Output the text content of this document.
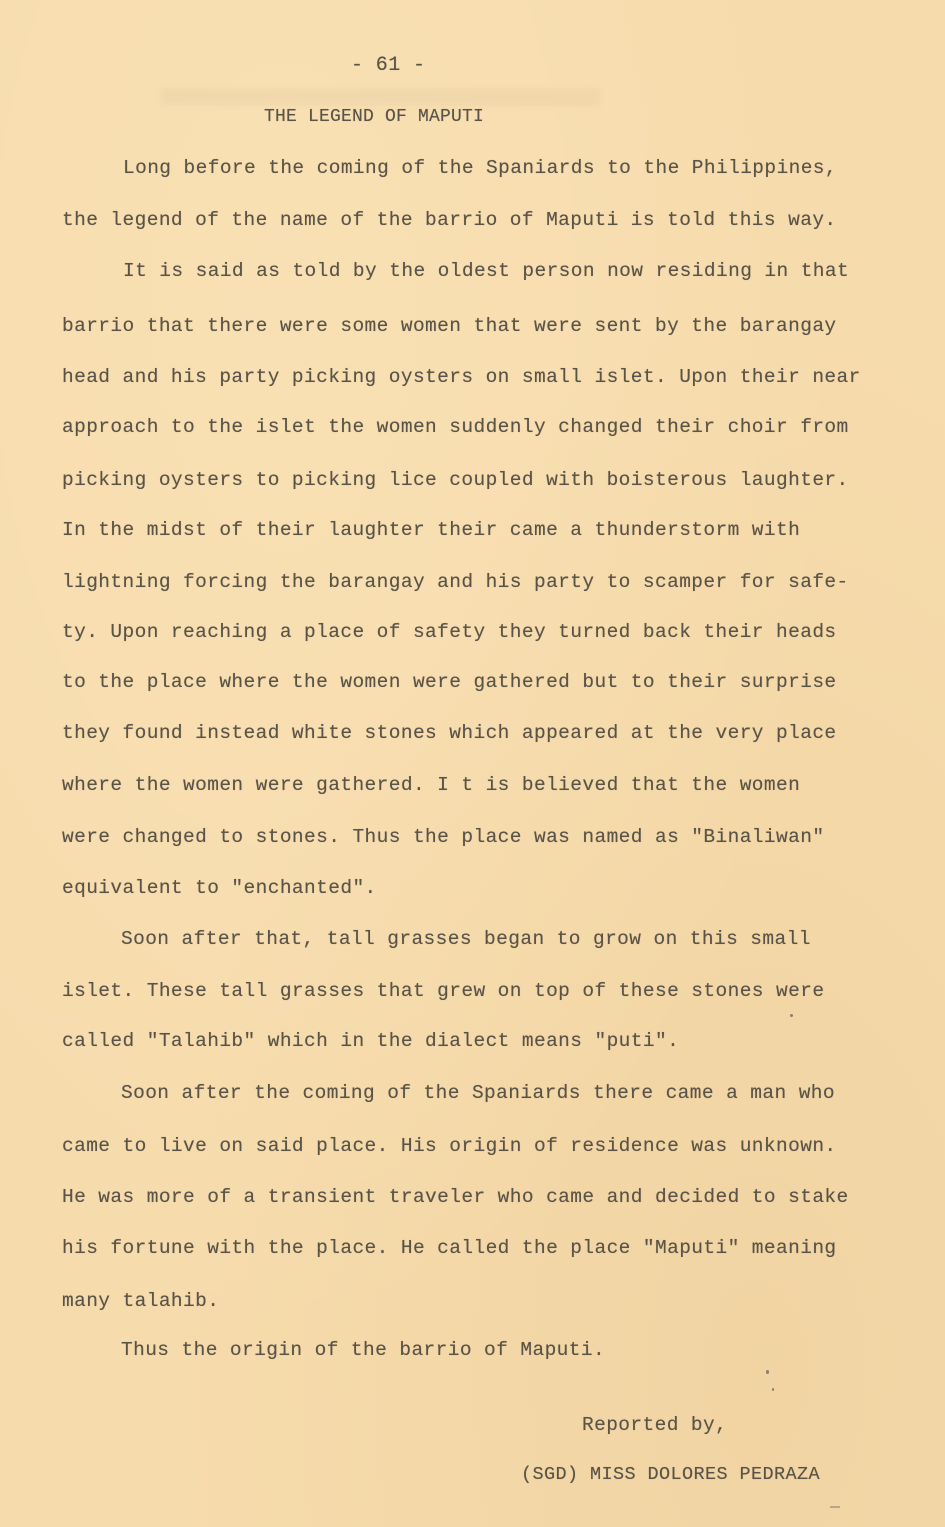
- 61 -
THE LEGEND OF MAPUTI
Long before the coming of the Spaniards to the Philippines,
the legend of the name of the barrio of Maputi is told this way.
It is said as told by the oldest person now residing in that
barrio that there were some women that were sent by the barangay
head and his party picking oysters on small islet. Upon their near
approach to the islet the women suddenly changed their choir from
picking oysters to picking lice coupled with boisterous laughter.
In the midst of their laughter their came a thunderstorm with
lightning forcing the barangay and his party to scamper for safe-
ty. Upon reaching a place of safety they turned back their heads
to the place where the women were gathered but to their surprise
they found instead white stones which appeared at the very place
where the women were gathered. I t is believed that the women
were changed to stones. Thus the place was named as "Binaliwan"
equivalent to "enchanted".
Soon after that, tall grasses began to grow on this small
islet. These tall grasses that grew on top of these stones were
called "Talahib" which in the dialect means "puti".
Soon after the coming of the Spaniards there came a man who
came to live on said place. His origin of residence was unknown.
He was more of a transient traveler who came and decided to stake
his fortune with the place. He called the place "Maputi" meaning
many talahib.
Thus the origin of the barrio of Maputi.
Reported by,
(SGD) MISS DOLORES PEDRAZA
